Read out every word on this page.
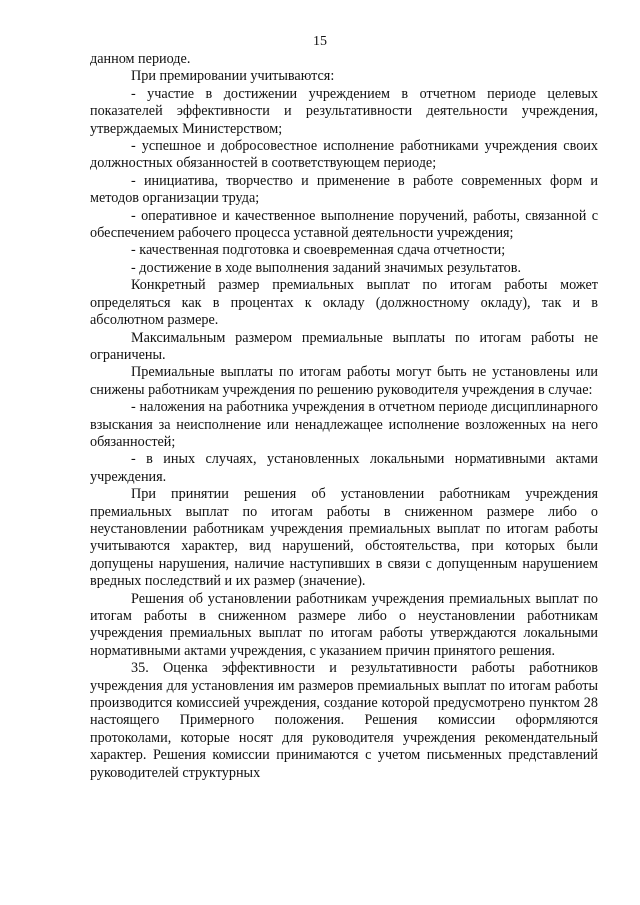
15

данном периоде.

При премировании учитываются:

- участие в достижении учреждением в отчетном периоде целевых показателей эффективности и результативности деятельности учреждения, утверждаемых Министерством;

- успешное и добросовестное исполнение работниками учреждения своих должностных обязанностей в соответствующем периоде;

- инициатива, творчество и применение в работе современных форм и методов организации труда;

- оперативное и качественное выполнение поручений, работы, связанной с обеспечением рабочего процесса уставной деятельности учреждения;

- качественная подготовка и своевременная сдача отчетности;

- достижение в ходе выполнения заданий значимых результатов.

Конкретный размер премиальных выплат по итогам работы может определяться как в процентах к окладу (должностному окладу), так и в абсолютном размере.

Максимальным размером премиальные выплаты по итогам работы не ограничены.

Премиальные выплаты по итогам работы могут быть не установлены или снижены работникам учреждения по решению руководителя учреждения в случае:

- наложения на работника учреждения в отчетном периоде дисциплинарного взыскания за неисполнение или ненадлежащее исполнение возложенных на него обязанностей;

- в иных случаях, установленных локальными нормативными актами учреждения.

При принятии решения об установлении работникам учреждения премиальных выплат по итогам работы в сниженном размере либо о неустановлении работникам учреждения премиальных выплат по итогам работы учитываются характер, вид нарушений, обстоятельства, при которых были допущены нарушения, наличие наступивших в связи с допущенным нарушением вредных последствий и их размер (значение).

Решения об установлении работникам учреждения премиальных выплат по итогам работы в сниженном размере либо о неустановлении работникам учреждения премиальных выплат по итогам работы утверждаются локальными нормативными актами учреждения, с указанием причин принятого решения.

35. Оценка эффективности и результативности работы работников учреждения для установления им размеров премиальных выплат по итогам работы производится комиссией учреждения, создание которой предусмотрено пунктом 28 настоящего Примерного положения. Решения комиссии оформляются протоколами, которые носят для руководителя учреждения рекомендательный характер. Решения комиссии принимаются с учетом письменных представлений руководителей структурных
